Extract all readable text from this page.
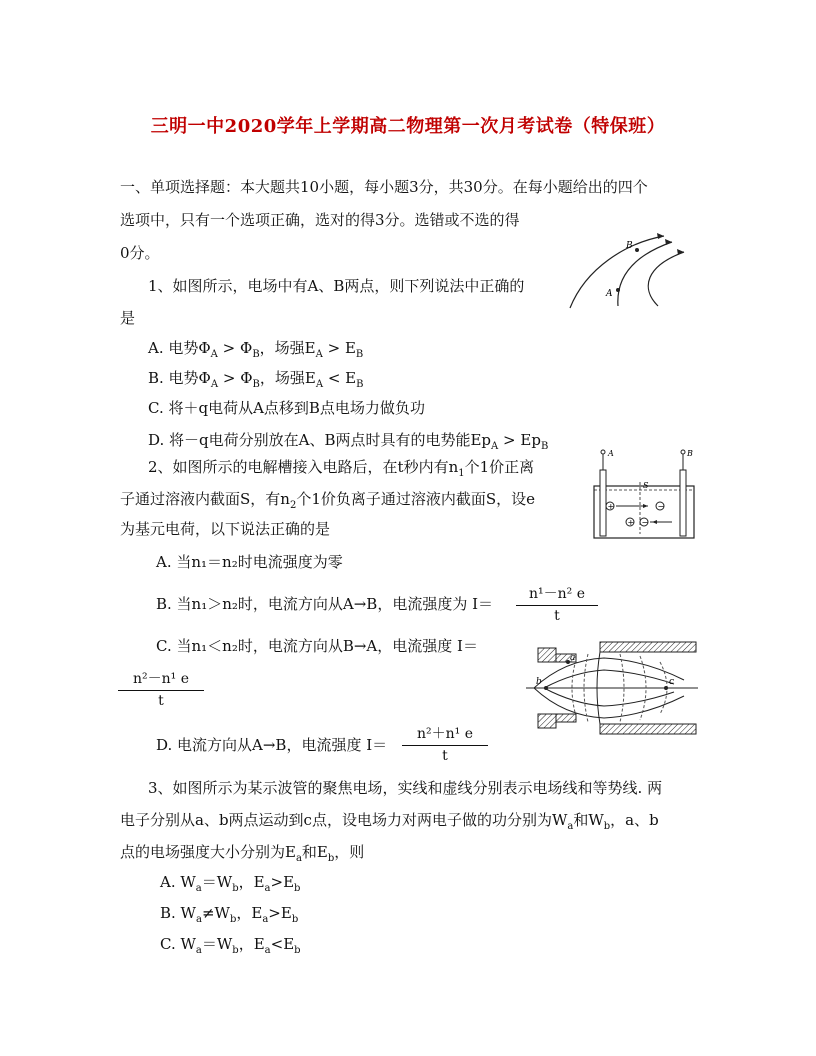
三明一中2020学年上学期高二物理第一次月考试卷（特保班）
一、单项选择题：本大题共10小题，每小题3分，共30分。在每小题给出的四个
选项中，只有一个选项正确，选对的得3分。选错或不选的得
0分。
1、如图所示，电场中有A、B两点，则下列说法中正确的
是
A. 电势$\Phi_A > \Phi_B$，场强$E_A > E_B$
B. 电势$\Phi_A > \Phi_B$，场强$E_A < E_B$
C. 将＋q电荷从A点移到B点电场力做负功
D. 将－q电荷分别放在A、B两点时具有的电势能$Ep_A > Ep_B$
A
B
2、如图所示的电解槽接入电路后，在t秒内有$n_1$个1价正离
子通过溶液内截面S，有$n_2$个1价负离子通过溶液内截面S，设e
为基元电荷，以下说法正确的是
A. 当n₁＝n₂时电流强度为零
B. 当n₁＞n₂时，电流方向从A→B，电流强度为 I＝
n¹－n² e
t
C. 当n₁＜n₂时，电流方向从B→A，电流强度 I＝
n²－n¹ e
t
D. 电流方向从A→B，电流强度 I＝
n²＋n¹ e
t
+	−
+ −
A	B
S
a
b	c
3、如图所示为某示波管的聚焦电场，实线和虚线分别表示电场线和等势线. 两
电子分别从a、b两点运动到c点，设电场力对两电子做的功分别为$W_a$和$W_b$，a、b
点的电场强度大小分别为$E_a$和$E_b$，则
A. $W_a=W_b$，$E_a>E_b$
B. $W_a\ne W_b$，$E_a>E_b$
C. $W_a=W_b$，$E_a<E_b$
